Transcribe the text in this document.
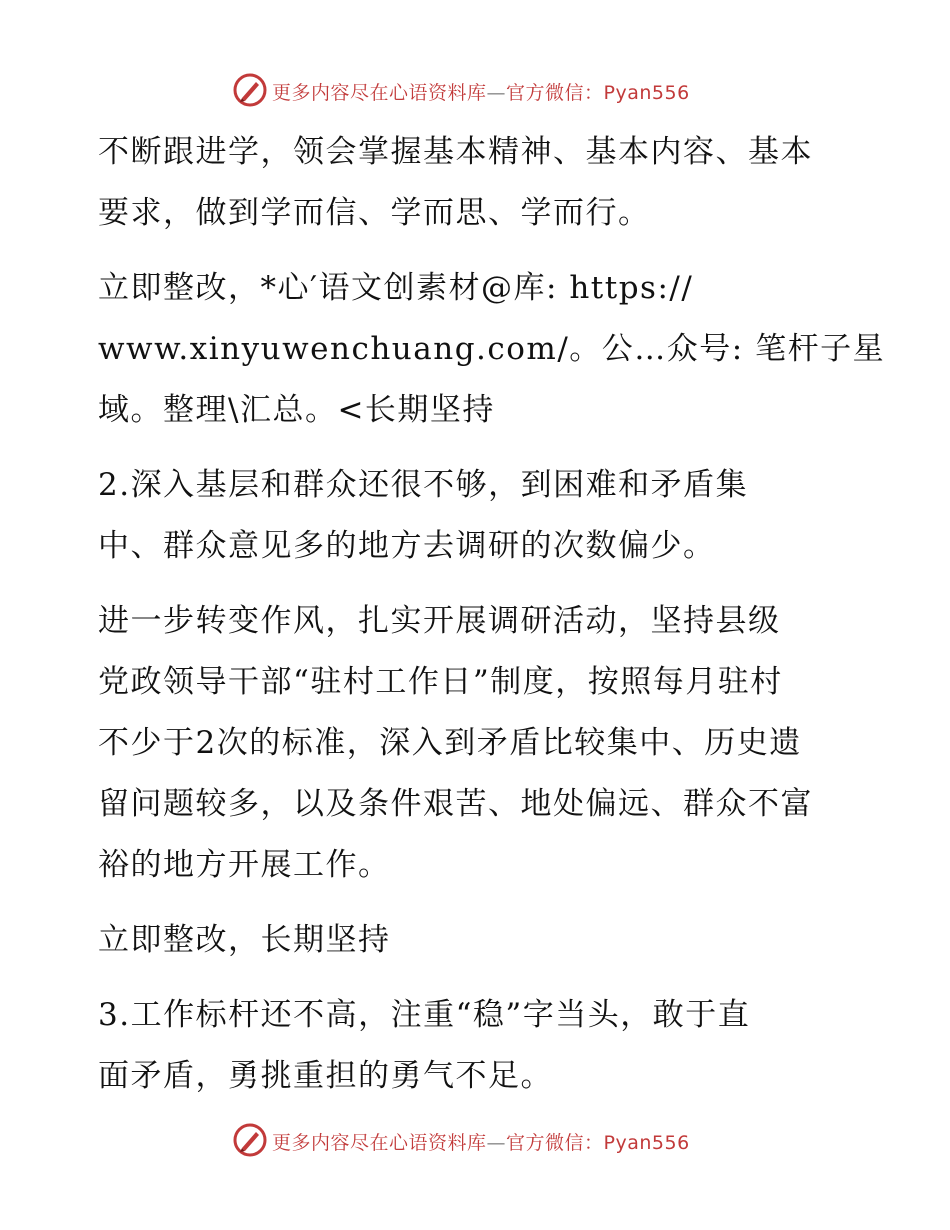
更多内容尽在心语资料库—官方微信：Pyan556

不断跟进学，领会掌握基本精神、基本内容、基本

要求，做到学而信、学而思、学而行。

立即整改，*心′语文创素材@库: https://

www.xinyuwenchuang.com/。公…众号: 笔杆子星

域。整理\汇总。<长期坚持

2.深入基层和群众还很不够，到困难和矛盾集

中、群众意见多的地方去调研的次数偏少。

进一步转变作风，扎实开展调研活动，坚持县级

党政领导干部“驻村工作日”制度，按照每月驻村

不少于2次的标准，深入到矛盾比较集中、历史遗

留问题较多，以及条件艰苦、地处偏远、群众不富

裕的地方开展工作。

立即整改，长期坚持

3.工作标杆还不高，注重“稳”字当头，敢于直

面矛盾，勇挑重担的勇气不足。

更多内容尽在心语资料库—官方微信：Pyan556
